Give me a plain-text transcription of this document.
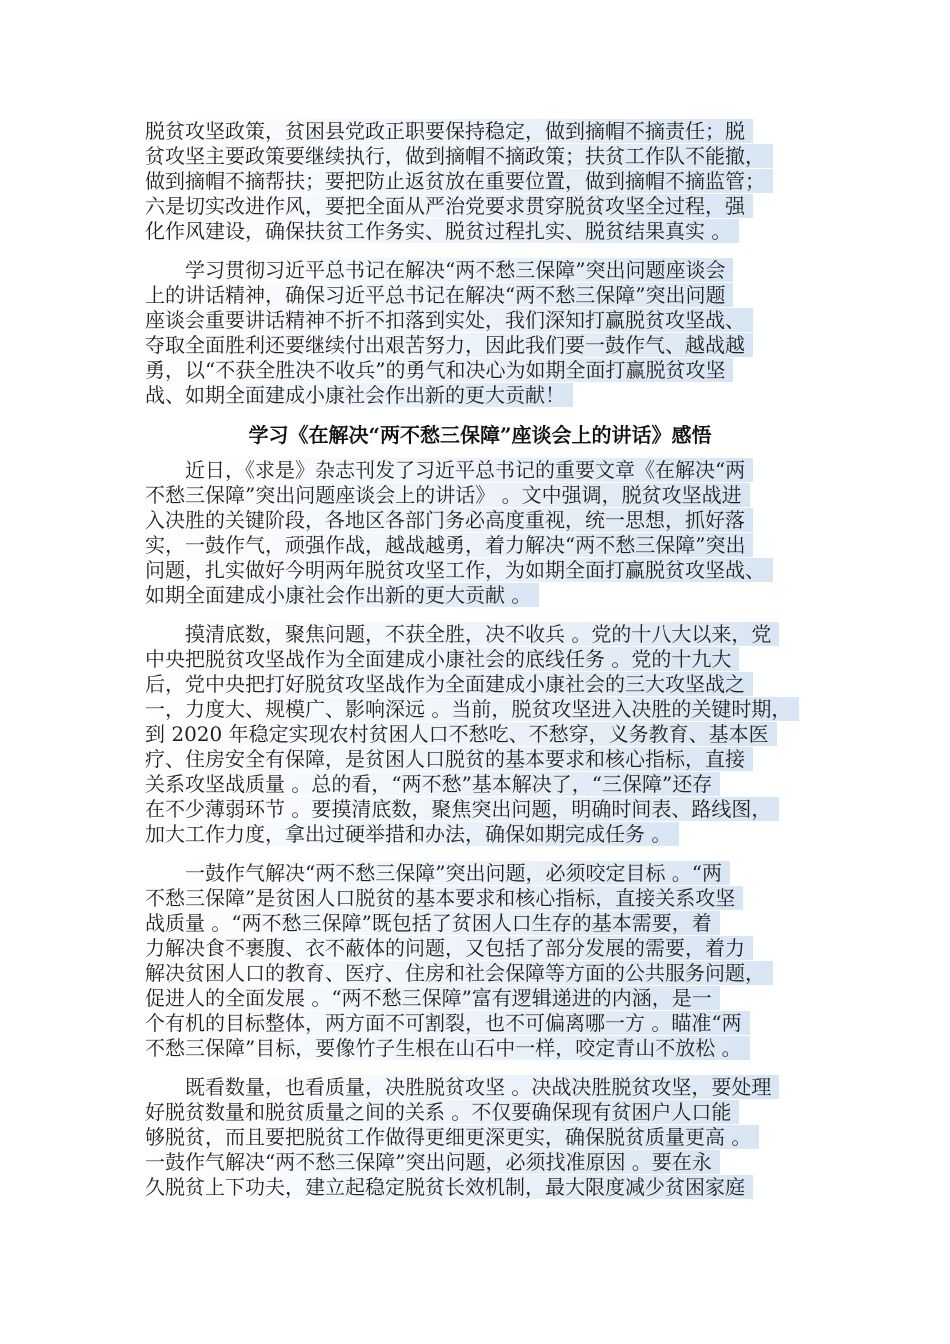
脱贫攻坚政策，贫困县党政正职要保持稳定，做到摘帽不摘责任；脱
贫攻坚主要政策要继续执行，做到摘帽不摘政策；扶贫工作队不能撤，
做到摘帽不摘帮扶；要把防止返贫放在重要位置，做到摘帽不摘监管；
六是切实改进作风，要把全面从严治党要求贯穿脱贫攻坚全过程，强
化作风建设，确保扶贫工作务实、脱贫过程扎实、脱贫结果真实 。

学习贯彻习近平总书记在解决“两不愁三保障”突出问题座谈会
上的讲话精神，确保习近平总书记在解决“两不愁三保障”突出问题
座谈会重要讲话精神不折不扣落到实处，我们深知打赢脱贫攻坚战、
夺取全面胜利还要继续付出艰苦努力，因此我们要一鼓作气、越战越
勇，以“不获全胜决不收兵”的勇气和决心为如期全面打赢脱贫攻坚
战、如期全面建成小康社会作出新的更大贡献！

学习《在解决“两不愁三保障”座谈会上的讲话》感悟

近日，《求是》杂志刊发了习近平总书记的重要文章《在解决“两
不愁三保障”突出问题座谈会上的讲话》 。文中强调，脱贫攻坚战进
入决胜的关键阶段，各地区各部门务必高度重视，统一思想，抓好落
实，一鼓作气，顽强作战，越战越勇，着力解决“两不愁三保障”突出
问题，扎实做好今明两年脱贫攻坚工作，为如期全面打赢脱贫攻坚战、
如期全面建成小康社会作出新的更大贡献 。

摸清底数，聚焦问题，不获全胜，决不收兵 。党的十八大以来，党
中央把脱贫攻坚战作为全面建成小康社会的底线任务 。党的十九大
后，党中央把打好脱贫攻坚战作为全面建成小康社会的三大攻坚战之
一，力度大、规模广、影响深远 。当前，脱贫攻坚进入决胜的关键时期，
到 2020 年稳定实现农村贫困人口不愁吃、不愁穿，义务教育、基本医
疗、住房安全有保障，是贫困人口脱贫的基本要求和核心指标，直接
关系攻坚战质量 。总的看，“两不愁”基本解决了，“三保障”还存
在不少薄弱环节 。要摸清底数，聚焦突出问题，明确时间表、路线图，
加大工作力度，拿出过硬举措和办法，确保如期完成任务 。

一鼓作气解决“两不愁三保障”突出问题，必须咬定目标 。“两
不愁三保障”是贫困人口脱贫的基本要求和核心指标，直接关系攻坚
战质量 。“两不愁三保障”既包括了贫困人口生存的基本需要，着
力解决食不裹腹、衣不蔽体的问题，又包括了部分发展的需要，着力
解决贫困人口的教育、医疗、住房和社会保障等方面的公共服务问题，
促进人的全面发展 。“两不愁三保障”富有逻辑递进的内涵，是一
个有机的目标整体，两方面不可割裂，也不可偏离哪一方 。瞄准“两
不愁三保障”目标，要像竹子生根在山石中一样，咬定青山不放松 。

既看数量，也看质量，决胜脱贫攻坚 。决战决胜脱贫攻坚，要处理
好脱贫数量和脱贫质量之间的关系 。不仅要确保现有贫困户人口能
够脱贫，而且要把脱贫工作做得更细更深更实，确保脱贫质量更高 。
一鼓作气解决“两不愁三保障”突出问题，必须找准原因 。要在永
久脱贫上下功夫，建立起稳定脱贫长效机制，最大限度减少贫困家庭
